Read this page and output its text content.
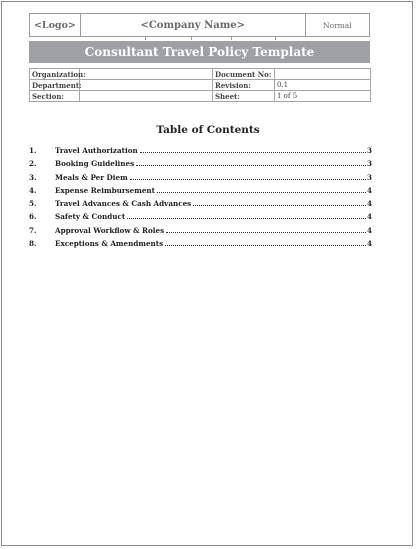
<Logo>	<Company Name>	Normal
Consultant Travel Policy Template
Organization:		Document No:	
Department:		Revision:	0.1
Section:		Sheet:	1 of 5
Table of Contents
1.	Travel Authorization	3
2.	Booking Guidelines	3
3.	Meals & Per Diem	3
4.	Expense Reimbursement	4
5.	Travel Advances & Cash Advances	4
6.	Safety & Conduct	4
7.	Approval Workflow & Roles	4
8.	Exceptions & Amendments	4
